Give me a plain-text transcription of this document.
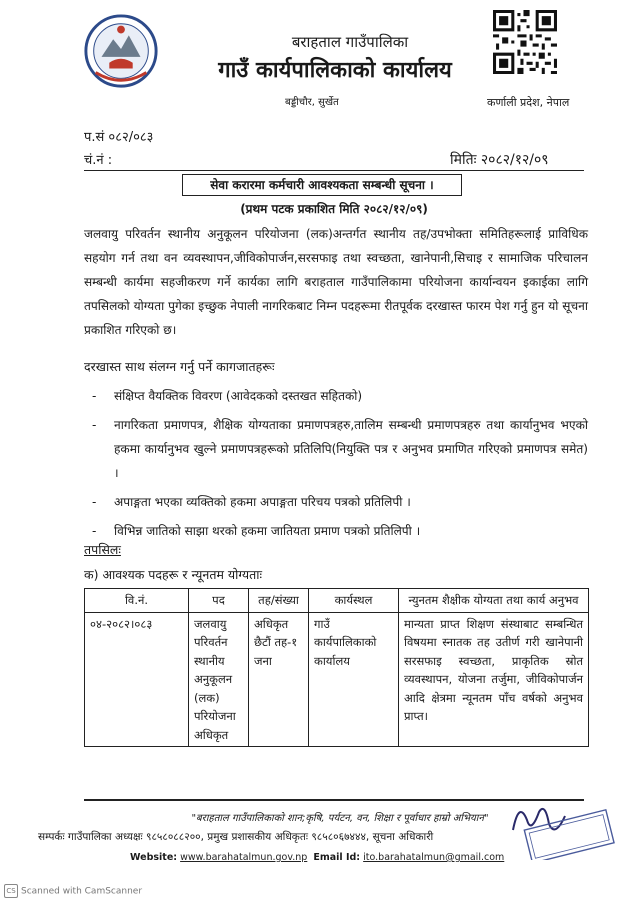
बराहताल गाउँपालिका
गाउँ कार्यपालिकाको कार्यालय
बड्डीचौर, सुर्खेत	कर्णाली प्रदेश, नेपाल
प.सं ०८२/०८३
चं.नं :	मितिः २०८२/१२/०९
सेवा करारमा कर्मचारी आवश्यकता सम्बन्धी सूचना ।
(प्रथम पटक प्रकाशित मिति २०८२/१२/०९)
जलवायु परिवर्तन स्थानीय अनुकूलन परियोजना (लक)अन्तर्गत स्थानीय तह/उपभोक्ता समितिहरूलाई प्राविधिक सहयोग गर्न तथा वन व्यवस्थापन,जीविकोपार्जन,सरसफाइ तथा स्वच्छता, खानेपानी,सिचाइ र सामाजिक परिचालन सम्बन्धी कार्यमा सहजीकरण गर्ने कार्यका लागि बराहताल गाउँपालिकामा परियोजना कार्यान्वयन इकाईका लागि तपसिलको योग्यता पुगेका इच्छुक नेपाली नागरिकबाट निम्न पदहरूमा रीतपूर्वक दरखास्त फारम पेश गर्नु हुन यो सूचना प्रकाशित गरिएको छ।
दरखास्त साथ संलग्न गर्नु पर्ने कागजातहरूः
- संक्षिप्त वैयक्तिक विवरण (आवेदकको दस्तखत सहितको)
- नागरिकता प्रमाणपत्र, शैक्षिक योग्यताका प्रमाणपत्रहरु,तालिम सम्बन्धी प्रमाणपत्रहरु तथा कार्यानुभव भएको हकमा कार्यानुभव खुल्ने प्रमाणपत्रहरूको प्रतिलिपि(नियुक्ति पत्र र अनुभव प्रमाणित गरिएको प्रमाणपत्र समेत) ।
- अपाङ्गता भएका व्यक्तिको हकमा अपाङ्गता परिचय पत्रको प्रतिलिपी ।
- विभिन्न जातिको साझा थरको हकमा जातियता प्रमाण पत्रको प्रतिलिपी ।
तपसिलः
क) आवश्यक पदहरू र न्यूनतम योग्यताः
वि.नं.	पद	तह/संख्या	कार्यस्थल	न्युनतम शैक्षीक योग्यता तथा कार्य अनुभव
०४-२०८२।०८३	जलवायु परिवर्तन स्थानीय अनुकूलन (लक) परियोजना अधिकृत	अधिकृत छैटौं तह-१ जना	गाउँ कार्यपालिकाको कार्यालय	मान्यता प्राप्त शिक्षण संस्थाबाट सम्बन्धित विषयमा स्नातक तह उतीर्ण गरी खानेपानी सरसफाइ स्वच्छता, प्राकृतिक स्रोत व्यवस्थापन, योजना तर्जुमा, जीविकोपार्जन आदि क्षेत्रमा न्यूनतम पाँच वर्षको अनुभव प्राप्त।
"बराहताल गाउँपालिकाको शान;कृषि, पर्यटन, वन, शिक्षा र पूर्वाधार हाम्रो अभियान"
सम्पर्कः गाउँपालिका अध्यक्षः ९८५८०८८२००, प्रमुख प्रशासकीय अधिकृतः ९८५८०६७४४४, सूचना अधिकारी
Website: www.barahatalmun.gov.np Email Id: ito.barahatalmun@gmail.com
CS Scanned with CamScanner
